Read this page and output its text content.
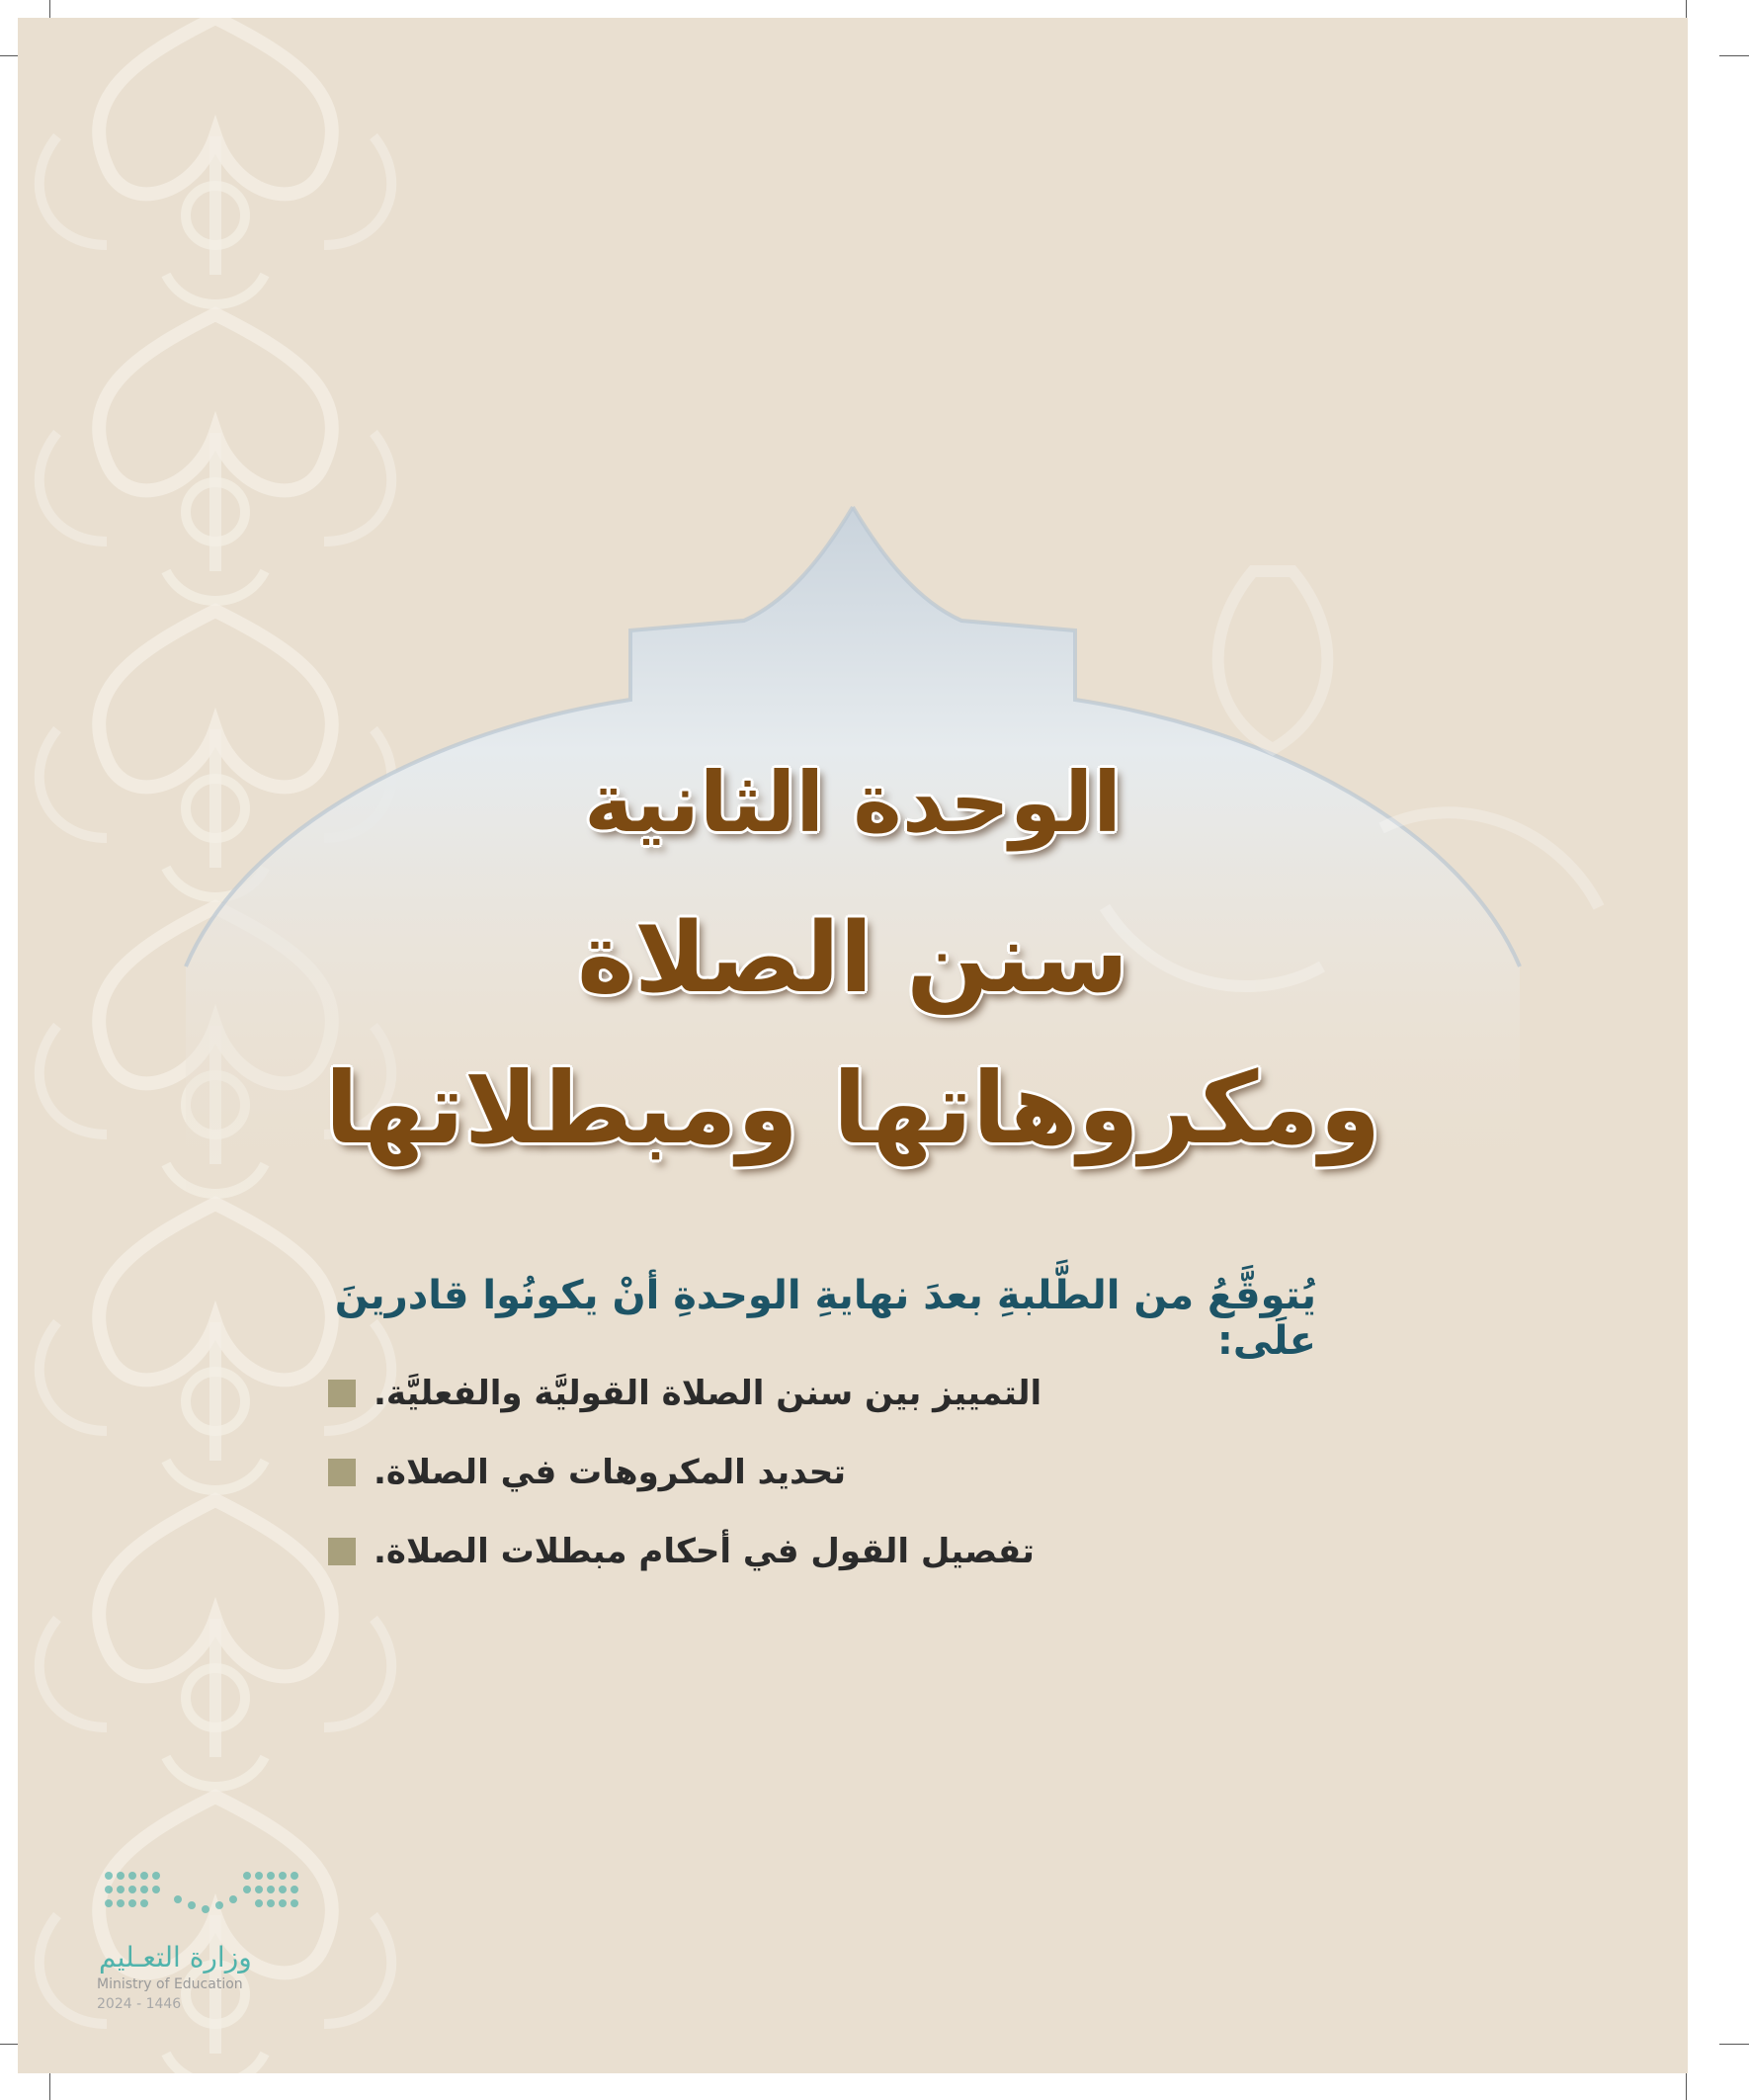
الوحدة الثانية
سنن الصلاة
ومكروهاتها ومبطلاتها
يُتوقَّعُ من الطَّلبةِ بعدَ نهايةِ الوحدةِ أنْ يكونُوا قادرينَ علَى:
التمييز بين سنن الصلاة القوليَّة والفعليَّة.
تحديد المكروهات في الصلاة.
تفصيل القول في أحكام مبطلات الصلاة.
وزارة التعـليم
Ministry of Education
2024 - 1446
